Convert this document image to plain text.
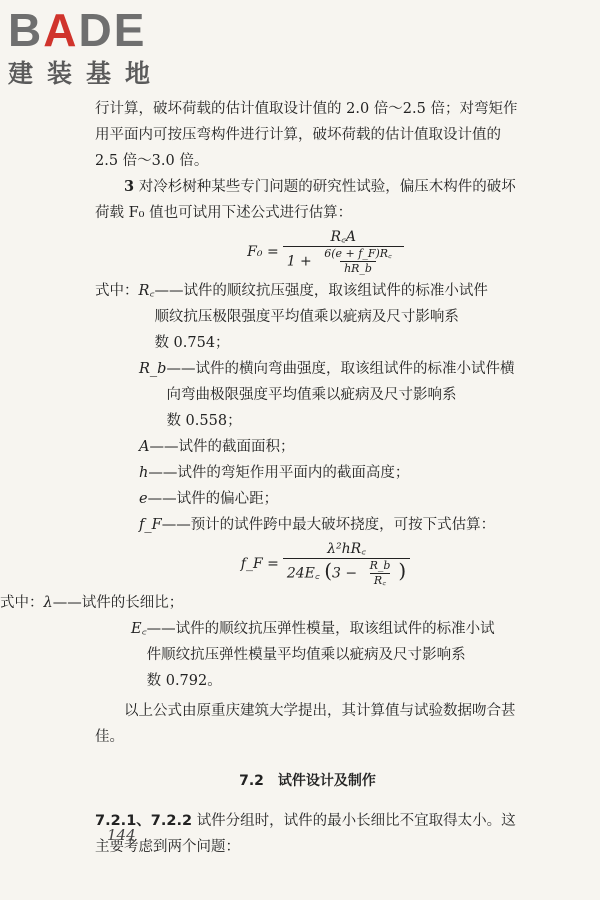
BADE
建装基地

行计算，破坏荷载的估计值取设计值的 2.0 倍～2.5 倍；对弯矩作用平面内可按压弯构件进行计算，破坏荷载的估计值取设计值的 2.5 倍～3.0 倍。

3 对冷杉树种某些专门问题的研究性试验，偏压木构件的破坏荷载 F₀ 值也可试用下述公式进行估算：

$F_0 = \frac{R꜀A}{1 + \frac{6(e + f\_F)R꜀}{hR\_b}}$
式中： R꜀ ——试件的顺纹抗压强度，取该组试件的标准小试件
顺纹抗压极限强度平均值乘以疵病及尺寸影响系
数 0.754；
R_b ——试件的横向弯曲强度，取该组试件的标准小试件横
向弯曲极限强度平均值乘以疵病及尺寸影响系
数 0.558；
A ——试件的截面面积；
h ——试件的弯矩作用平面内的截面高度；
e ——试件的偏心距；
f_F ——预计的试件跨中最大破坏挠度，可按下式估算：
f_F =
λ²hR꜀
24E꜀ ($3 - \frac{R\_b}{R꜀}$ )
式中： λ ——试件的长细比；
E꜀ ——试件的顺纹抗压弹性模量，取该组试件的标准小试
件顺纹抗压弹性模量平均值乘以疵病及尺寸影响系
数 0.792。

以上公式由原重庆建筑大学提出，其计算值与试验数据吻合甚佳。

7.2　试件设计及制作

7.2.1、7.2.2 试件分组时，试件的最小长细比不宜取得太小。这主要考虑到两个问题：

144
